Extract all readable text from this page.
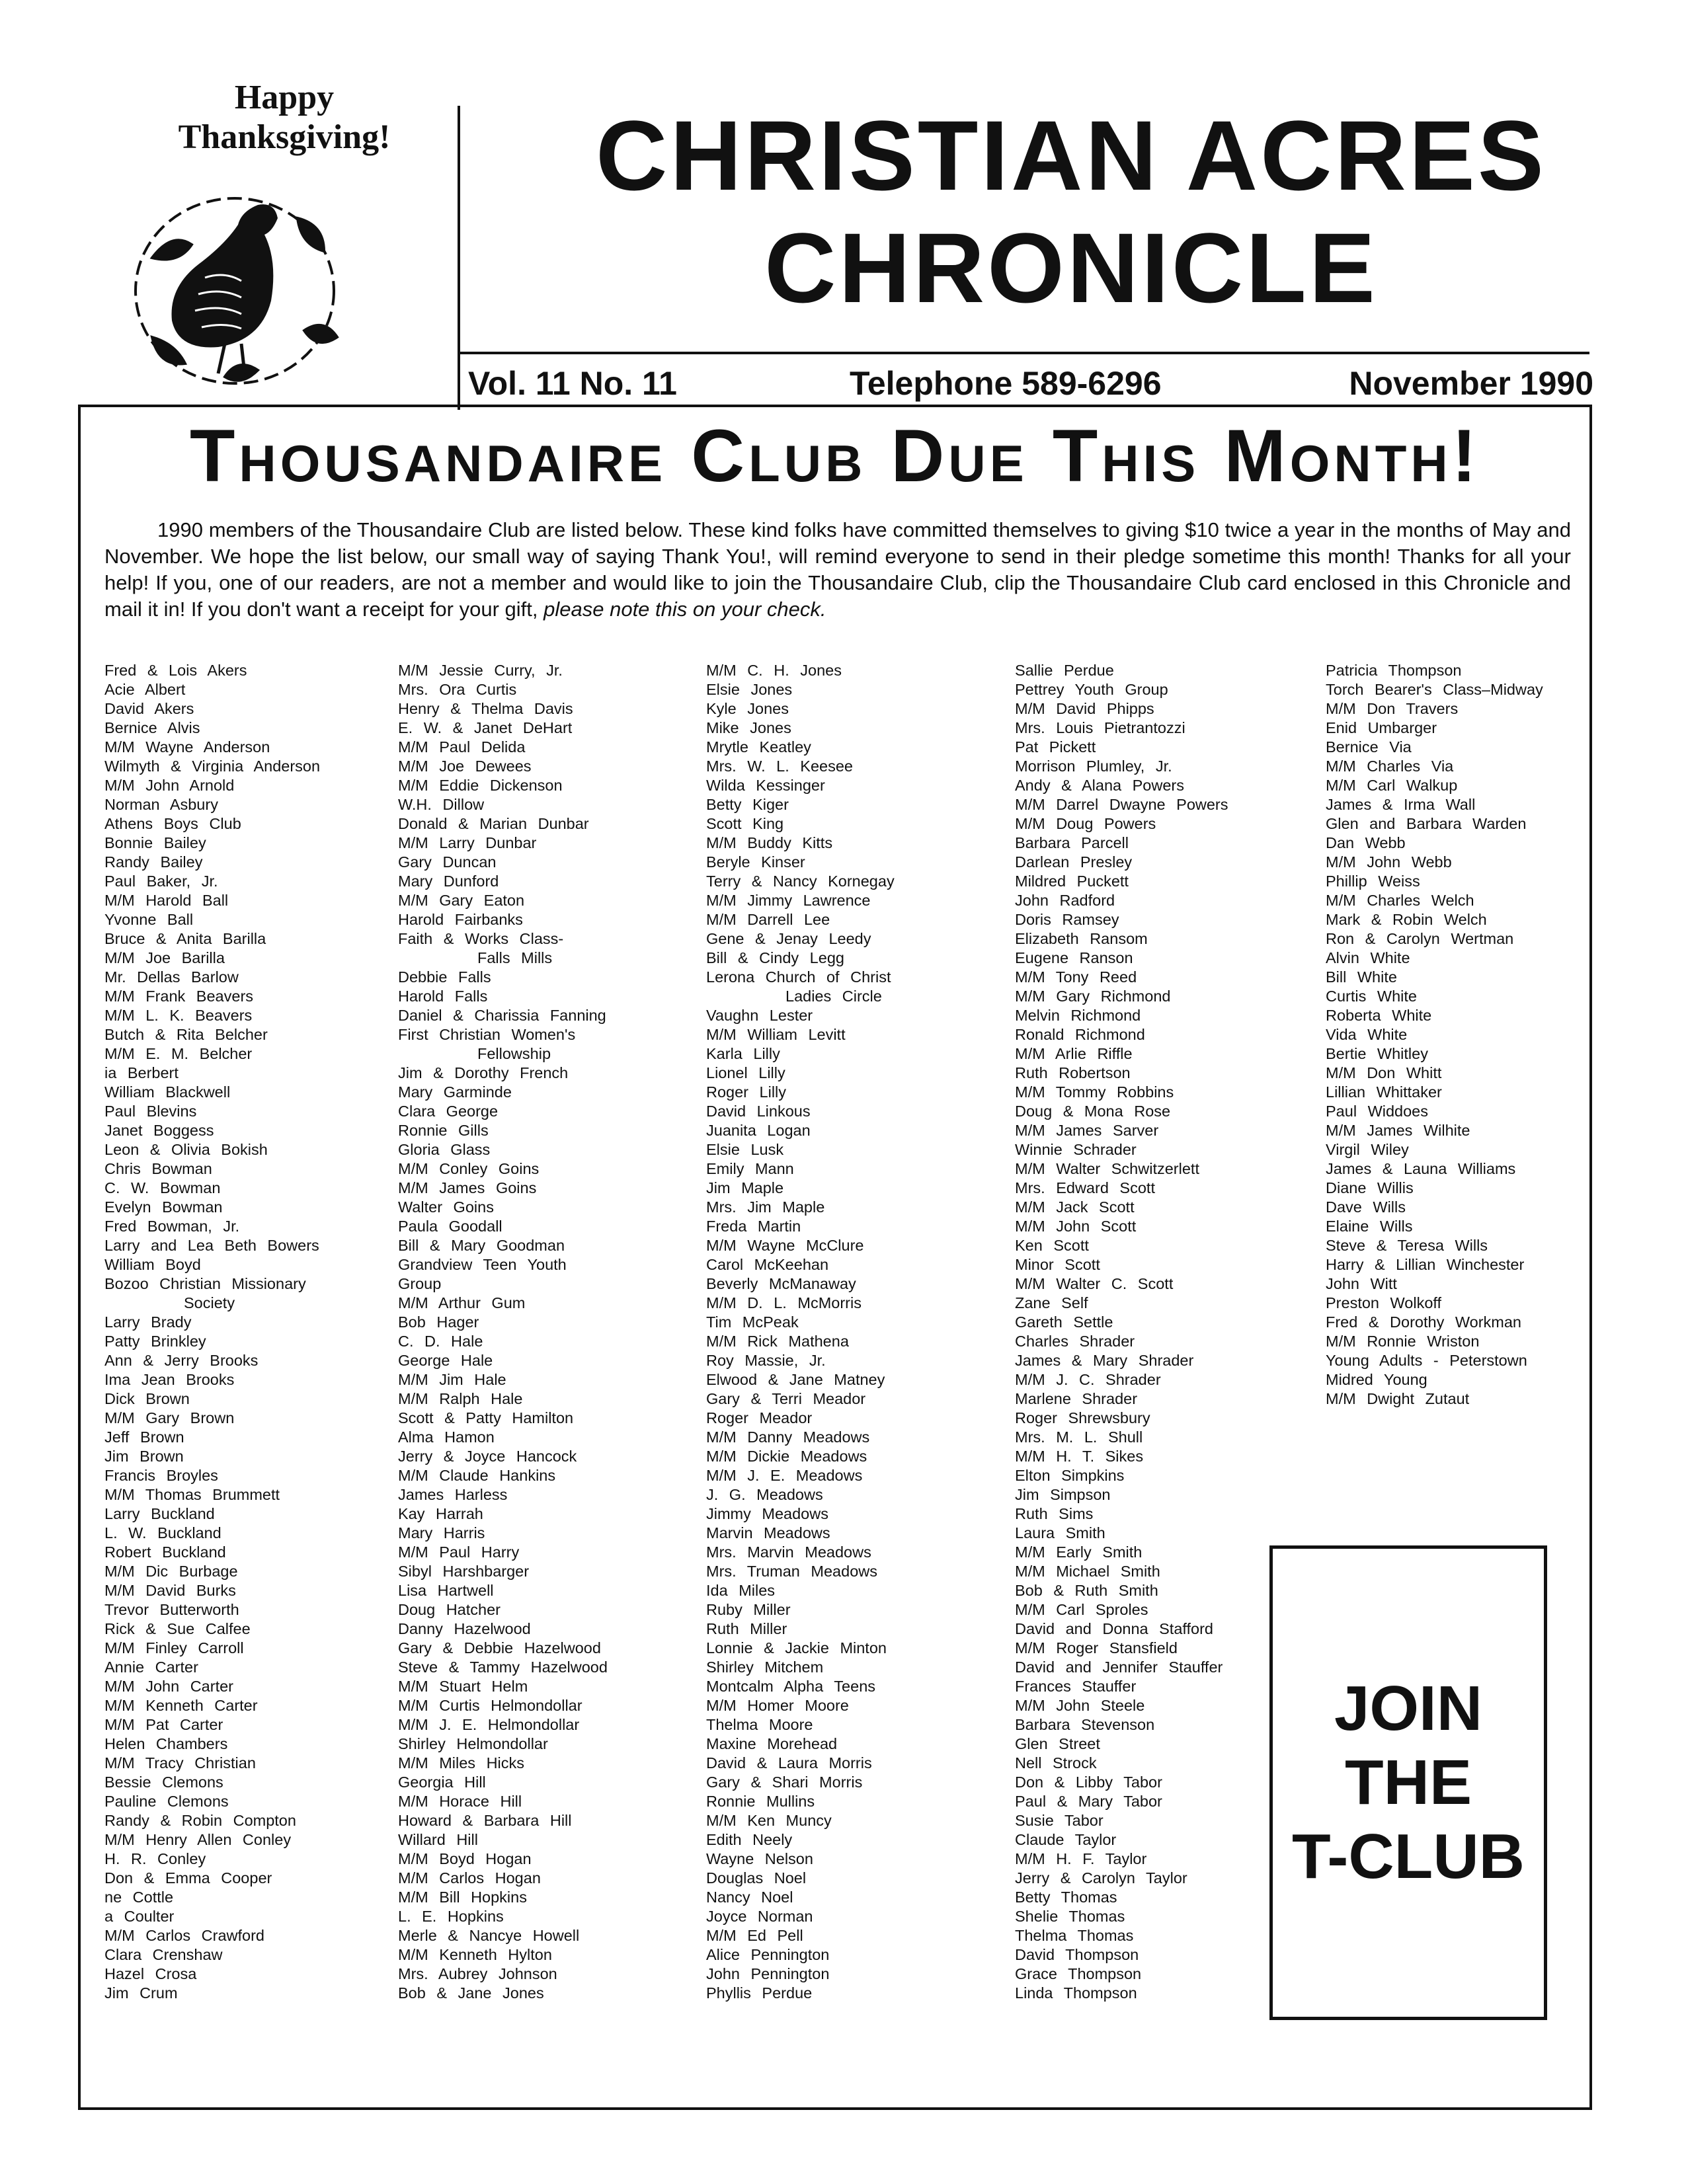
Happy
Thanksgiving!	CHRISTIAN ACRES
CHRONICLE
Vol. 11 No. 11	Telephone 589-6296	November 1990
Thousandaire Club Due This Month!
1990 members of the Thousandaire Club are listed below. These kind folks have committed themselves to giving $10 twice a year in the months of May and November. We hope the list below, our small way of saying Thank You!, will remind everyone to send in their pledge sometime this month! Thanks for all your help! If you, one of our readers, are not a member and would like to join the Thousandaire Club, clip the Thousandaire Club card enclosed in this Chronicle and mail it in! If you don't want a receipt for your gift, please note this on your check.
Fred & Lois Akers
Acie Albert
David Akers
Bernice Alvis
M/M Wayne Anderson
Wilmyth & Virginia Anderson
M/M John Arnold
Norman Asbury
Athens Boys Club
Bonnie Bailey
Randy Bailey
Paul Baker, Jr.
M/M Harold Ball
Yvonne Ball
Bruce & Anita Barilla
M/M Joe Barilla
Mr. Dellas Barlow
M/M Frank Beavers
M/M L. K. Beavers
Butch & Rita Belcher
M/M E. M. Belcher
ia Berbert
William Blackwell
Paul Blevins
Janet Boggess
Leon & Olivia Bokish
Chris Bowman
C. W. Bowman
Evelyn Bowman
Fred Bowman, Jr.
Larry and Lea Beth Bowers
William Boyd
Bozoo Christian Missionary
Society
Larry Brady
Patty Brinkley
Ann & Jerry Brooks
Ima Jean Brooks
Dick Brown
M/M Gary Brown
Jeff Brown
Jim Brown
Francis Broyles
M/M Thomas Brummett
Larry Buckland
L. W. Buckland
Robert Buckland
M/M Dic Burbage
M/M David Burks
Trevor Butterworth
Rick & Sue Calfee
M/M Finley Carroll
Annie Carter
M/M John Carter
M/M Kenneth Carter
M/M Pat Carter
Helen Chambers
M/M Tracy Christian
Bessie Clemons
Pauline Clemons
Randy & Robin Compton
M/M Henry Allen Conley
H. R. Conley
Don & Emma Cooper
ne Cottle
a Coulter
M/M Carlos Crawford
Clara Crenshaw
Hazel Crosa
Jim Crum
M/M Jessie Curry, Jr.
Mrs. Ora Curtis
Henry & Thelma Davis
E. W. & Janet DeHart
M/M Paul Delida
M/M Joe Dewees
M/M Eddie Dickenson
W.H. Dillow
Donald & Marian Dunbar
M/M Larry Dunbar
Gary Duncan
Mary Dunford
M/M Gary Eaton
Harold Fairbanks
Faith & Works Class-
Falls Mills
Debbie Falls
Harold Falls
Daniel & Charissia Fanning
First Christian Women's
Fellowship
Jim & Dorothy French
Mary Garminde
Clara George
Ronnie Gills
Gloria Glass
M/M Conley Goins
M/M James Goins
Walter Goins
Paula Goodall
Bill & Mary Goodman
Grandview Teen Youth
Group
M/M Arthur Gum
Bob Hager
C. D. Hale
George Hale
M/M Jim Hale
M/M Ralph Hale
Scott & Patty Hamilton
Alma Hamon
Jerry & Joyce Hancock
M/M Claude Hankins
James Harless
Kay Harrah
Mary Harris
M/M Paul Harry
Sibyl Harshbarger
Lisa Hartwell
Doug Hatcher
Danny Hazelwood
Gary & Debbie Hazelwood
Steve & Tammy Hazelwood
M/M Stuart Helm
M/M Curtis Helmondollar
M/M J. E. Helmondollar
Shirley Helmondollar
M/M Miles Hicks
Georgia Hill
M/M Horace Hill
Howard & Barbara Hill
Willard Hill
M/M Boyd Hogan
M/M Carlos Hogan
M/M Bill Hopkins
L. E. Hopkins
Merle & Nancye Howell
M/M Kenneth Hylton
Mrs. Aubrey Johnson
Bob & Jane Jones
M/M C. H. Jones
Elsie Jones
Kyle Jones
Mike Jones
Mrytle Keatley
Mrs. W. L. Keesee
Wilda Kessinger
Betty Kiger
Scott King
M/M Buddy Kitts
Beryle Kinser
Terry & Nancy Kornegay
M/M Jimmy Lawrence
M/M Darrell Lee
Gene & Jenay Leedy
Bill & Cindy Legg
Lerona Church of Christ
Ladies Circle
Vaughn Lester
M/M William Levitt
Karla Lilly
Lionel Lilly
Roger Lilly
David Linkous
Juanita Logan
Elsie Lusk
Emily Mann
Jim Maple
Mrs. Jim Maple
Freda Martin
M/M Wayne McClure
Carol McKeehan
Beverly McManaway
M/M D. L. McMorris
Tim McPeak
M/M Rick Mathena
Roy Massie, Jr.
Elwood & Jane Matney
Gary & Terri Meador
Roger Meador
M/M Danny Meadows
M/M Dickie Meadows
M/M J. E. Meadows
J. G. Meadows
Jimmy Meadows
Marvin Meadows
Mrs. Marvin Meadows
Mrs. Truman Meadows
Ida Miles
Ruby Miller
Ruth Miller
Lonnie & Jackie Minton
Shirley Mitchem
Montcalm Alpha Teens
M/M Homer Moore
Thelma Moore
Maxine Morehead
David & Laura Morris
Gary & Shari Morris
Ronnie Mullins
M/M Ken Muncy
Edith Neely
Wayne Nelson
Douglas Noel
Nancy Noel
Joyce Norman
M/M Ed Pell
Alice Pennington
John Pennington
Phyllis Perdue
Sallie Perdue
Pettrey Youth Group
M/M David Phipps
Mrs. Louis Pietrantozzi
Pat Pickett
Morrison Plumley, Jr.
Andy & Alana Powers
M/M Darrel Dwayne Powers
M/M Doug Powers
Barbara Parcell
Darlean Presley
Mildred Puckett
John Radford
Doris Ramsey
Elizabeth Ransom
Eugene Ranson
M/M Tony Reed
M/M Gary Richmond
Melvin Richmond
Ronald Richmond
M/M Arlie Riffle
Ruth Robertson
M/M Tommy Robbins
Doug & Mona Rose
M/M James Sarver
Winnie Schrader
M/M Walter Schwitzerlett
Mrs. Edward Scott
M/M Jack Scott
M/M John Scott
Ken Scott
Minor Scott
M/M Walter C. Scott
Zane Self
Gareth Settle
Charles Shrader
James & Mary Shrader
M/M J. C. Shrader
Marlene Shrader
Roger Shrewsbury
Mrs. M. L. Shull
M/M H. T. Sikes
Elton Simpkins
Jim Simpson
Ruth Sims
Laura Smith
M/M Early Smith
M/M Michael Smith
Bob & Ruth Smith
M/M Carl Sproles
David and Donna Stafford
M/M Roger Stansfield
David and Jennifer Stauffer
Frances Stauffer
M/M John Steele
Barbara Stevenson
Glen Street
Nell Strock
Don & Libby Tabor
Paul & Mary Tabor
Susie Tabor
Claude Taylor
M/M H. F. Taylor
Jerry & Carolyn Taylor
Betty Thomas
Shelie Thomas
Thelma Thomas
David Thompson
Grace Thompson
Linda Thompson
Patricia Thompson
Torch Bearer's Class–Midway
M/M Don Travers
Enid Umbarger
Bernice Via
M/M Charles Via
M/M Carl Walkup
James & Irma Wall
Glen and Barbara Warden
Dan Webb
M/M John Webb
Phillip Weiss
M/M Charles Welch
Mark & Robin Welch
Ron & Carolyn Wertman
Alvin White
Bill White
Curtis White
Roberta White
Vida White
Bertie Whitley
M/M Don Whitt
Lillian Whittaker
Paul Widdoes
M/M James Wilhite
Virgil Wiley
James & Launa Williams
Diane Willis
Dave Wills
Elaine Wills
Steve & Teresa Wills
Harry & Lillian Winchester
John Witt
Preston Wolkoff
Fred & Dorothy Workman
M/M Ronnie Wriston
Young Adults - Peterstown
Midred Young
M/M Dwight Zutaut
JOIN
THE
T-CLUB
